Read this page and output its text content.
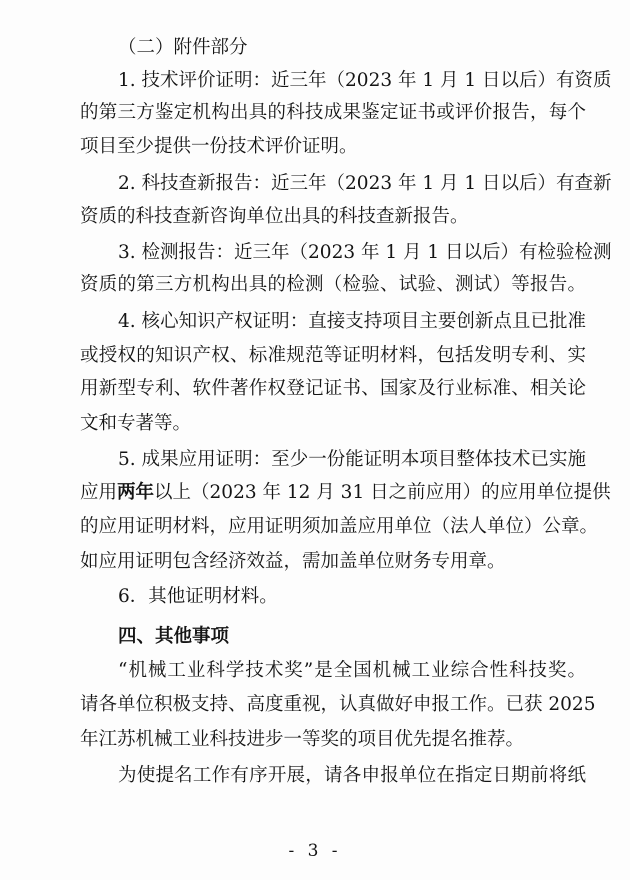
（二）附件部分
1. 技术评价证明：近三年（2023 年 1 月 1 日以后）有资质
的第三方鉴定机构出具的科技成果鉴定证书或评价报告，每个
项目至少提供一份技术评价证明。
2. 科技查新报告：近三年（2023 年 1 月 1 日以后）有查新
资质的科技查新咨询单位出具的科技查新报告。
3. 检测报告：近三年（2023 年 1 月 1 日以后）有检验检测
资质的第三方机构出具的检测（检验、试验、测试）等报告。
4. 核心知识产权证明：直接支持项目主要创新点且已批准
或授权的知识产权、标准规范等证明材料，包括发明专利、实
用新型专利、软件著作权登记证书、国家及行业标准、相关论
文和专著等。
5. 成果应用证明：至少一份能证明本项目整体技术已实施
应用两年以上（2023 年 12 月 31 日之前应用）的应用单位提供
的应用证明材料，应用证明须加盖应用单位（法人单位）公章。
如应用证明包含经济效益，需加盖单位财务专用章。
6．其他证明材料。
四、其他事项
“机械工业科学技术奖”是全国机械工业综合性科技奖。
请各单位积极支持、高度重视，认真做好申报工作。已获 2025
年江苏机械工业科技进步一等奖的项目优先提名推荐。
为使提名工作有序开展，请各申报单位在指定日期前将纸
- 3 -
